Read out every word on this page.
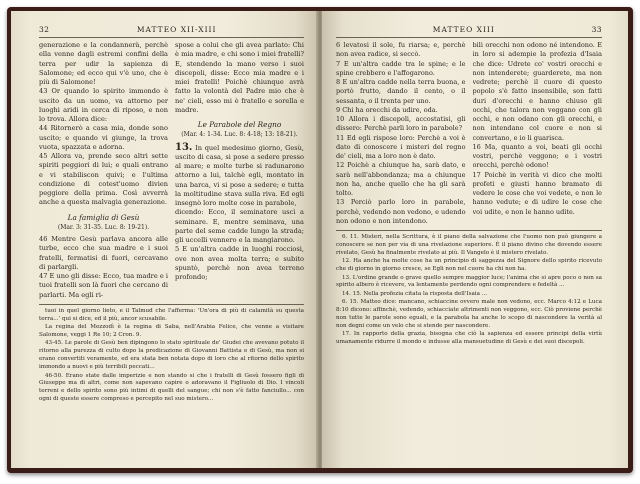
32	MATTEO XII-XIII

generazione e la condannerà, perchè ella venne dagli estremi confini della terra per udir la sapienza di Salomone; ed ecco qui v'è uno, che è più di Salomone!

43 Or quando lo spirito immondo è uscito da un uomo, va attorno per luoghi aridi in cerca di riposo, e non lo trova. Allora dice:

44 Ritornerò a casa mia, donde sono uscito; e quando vi giunge, la trova vuota, spazzata e adorna.

45 Allora va, prende seco altri sette spiriti peggiori di lui; e quali entrano e vi stabiliscon quivi; e l'ultima condizione di cotest'uomo divien peggiore della prima. Così avverrà anche a questa malvagia generazione.

La famiglia di Gesù
(Mar. 3: 31-35. Luc. 8: 19-21).

46 Mentre Gesù parlava ancora alle turbe, ecco che sua madre e i suoi fratelli, fermatisi di fuori, cercavano di parlargli.

47 E uno gli disse: Ecco, tua madre e i tuoi fratelli son là fuori che cercano di parlarti. Ma egli ri-

spose a colui che gli avea parlato: Chi è mia madre, e chi sono i miei fratelli? E, stendendo la mano verso i suoi discepoli, disse: Ecco mia madre e i miei fratelli! Poichè chiunque avrà fatto la volontà del Padre mio che è ne' cieli, esso mi è fratello e sorella e madre.

Le Parabole del Regno
(Mar. 4: 1-34. Luc. 8: 4-18; 13: 18-21).

13. In quel medesimo giorno, Gesù, uscito di casa, si pose a sedere presso al mare; e molte turbe si radunarono attorno a lui, talchè egli, montato in una barca, vi si pose a sedere; e tutta la moltitudine stava sulla riva. Ed egli insegnò loro molte cose in parabole,

dicendo: Ecco, il seminatore uscì a seminare. E, mentre seminava, una parte del seme cadde lungo la strada; gli uccelli vennero e la mangiarono.

5 E un'altra cadde in luoghi rocciosi, ove non avea molta terra; e subito spuntò, perchè non avea terreno profondo;

tuoi in quel giorno lieto, e il Talmud che l'afferma: 'Un'ora di più di calamità su questa terra...' qui si dice, ed il più, ancor scusabile.

La regina del Mezzodì è la regina di Saba, nell'Arabia Felice, che venne a visitare Salomone, veggi 1 Re 10; 2 Cron. 9.

43-45. Le parole di Gesù ben dipingono lo stato spirituale de' Giudei che avevano potuto il ritorno alla purezza di culto dopo la predicazione di Giovanni Battista e di Gesù, ma non si erano convertiti veramente, ed era stata ben notata dopo di loro che al ritorno dello spirito immondo a nuovi e più terribili peccati...

46-50. Erano state dalle imperizie e non stando si che i fratelli di Gesù fossero figli di Giuseppe ma di altri, come non sapevano capire o adoravano il Figliuolo di Dio. I vincoli terreni e dello spirito sono più intimi di quelli del sangue; chi non s'è fatto fanciullo... con ogni di queste essere compreso e percepito nel suo mistero...

MATTEO XIII	33

6 levatosi il sole, fu riarsa; e, perchè non avea radice, si seccò.

7 E un'altra cadde tra le spine; e le spine crebbero e l'affogarono.

8 E un'altra cadde nella terra buona, e portò frutto, dando il cento, o il sessanta, o il trenta per uno.

9 Chi ha orecchi da udire, oda.

10 Allora i discepoli, accostatisi, gli dissero: Perchè parli loro in parabole?

11 Ed egli rispose loro: Perchè a voi è dato di conoscere i misteri del regno de' cieli, ma a loro non è dato.

12 Poichè a chiunque ha, sarà dato, e sarà nell'abbondanza; ma a chiunque non ha, anche quello che ha gli sarà tolto.

13 Perciò parlo loro in parabole, perchè, vedendo non vedono, e udendo non odono e non intendono.

bili orecchi non odono né intendono. E in loro si adempie la profezia d'Isaia che dice: Udrete co' vostri orecchi e non intenderete; guarderete, ma non vedrete; perchè il cuore di questo popolo s'è fatto insensibile, son fatti duri d'orecchi e hanno chiuso gli occhi, che talora non veggano con gli occhi, e non odano con gli orecchi, e non intendano col cuore e non si convertano, e io li guarisca.

16 Ma, quanto a voi, beati gli occhi vostri, perchè veggono; e i vostri orecchi, perchè odono!

17 Poichè in verità vi dico che molti profeti e giusti hanno bramato di vedere le cose che voi vedete, e non le hanno vedute; e di udire le cose che voi udite, e non le hanno udite.

6. 11. Misteri, nella Scrittura, è il piano della salvazione che l'uomo non può giungere a conoscere se non per via di una rivelazione superiore. È il piano divino che dovendo essere rivelato, Gesù ha finalmente rivelato ai più. Il Vangelo è il mistero rivelato.

12. Ha anche ha molte cose ha un principio di saggezza del Signore dello spirito ricevuto che di giorno in giorno cresce, se Egli non nel cuore ha chi non ha.

13. L'ordine grande o grave quello sempre maggior luce; l'anima che si apre poco o non sa spirito albero è ricevere, va lentamente perdendo ogni comprendere e fedeltà ...

14. 15. Nella profezia citata la risposta dell'Isaia ...

6. 15. Matteo dice: mancano, schiaccine ovvero male non vedono, ecc. Marco 4:12 e Luca 8:10 dicono: affinchè, vedendo, schiacciate altrimenti non veggono, ecc. Ciò proviene perchè non tutte le parole sono eguali, e la parabola ha anche lo scopo di nascondere la verità al non degni come un velo che si stende per nascondere.

17. In rapporto della grazia, bisogna che ciò la sapienza ed essere principi della virtù umanamente ridurre il mondo e indusse alla mansuetudine di Gesù e dei suoi discepoli.
